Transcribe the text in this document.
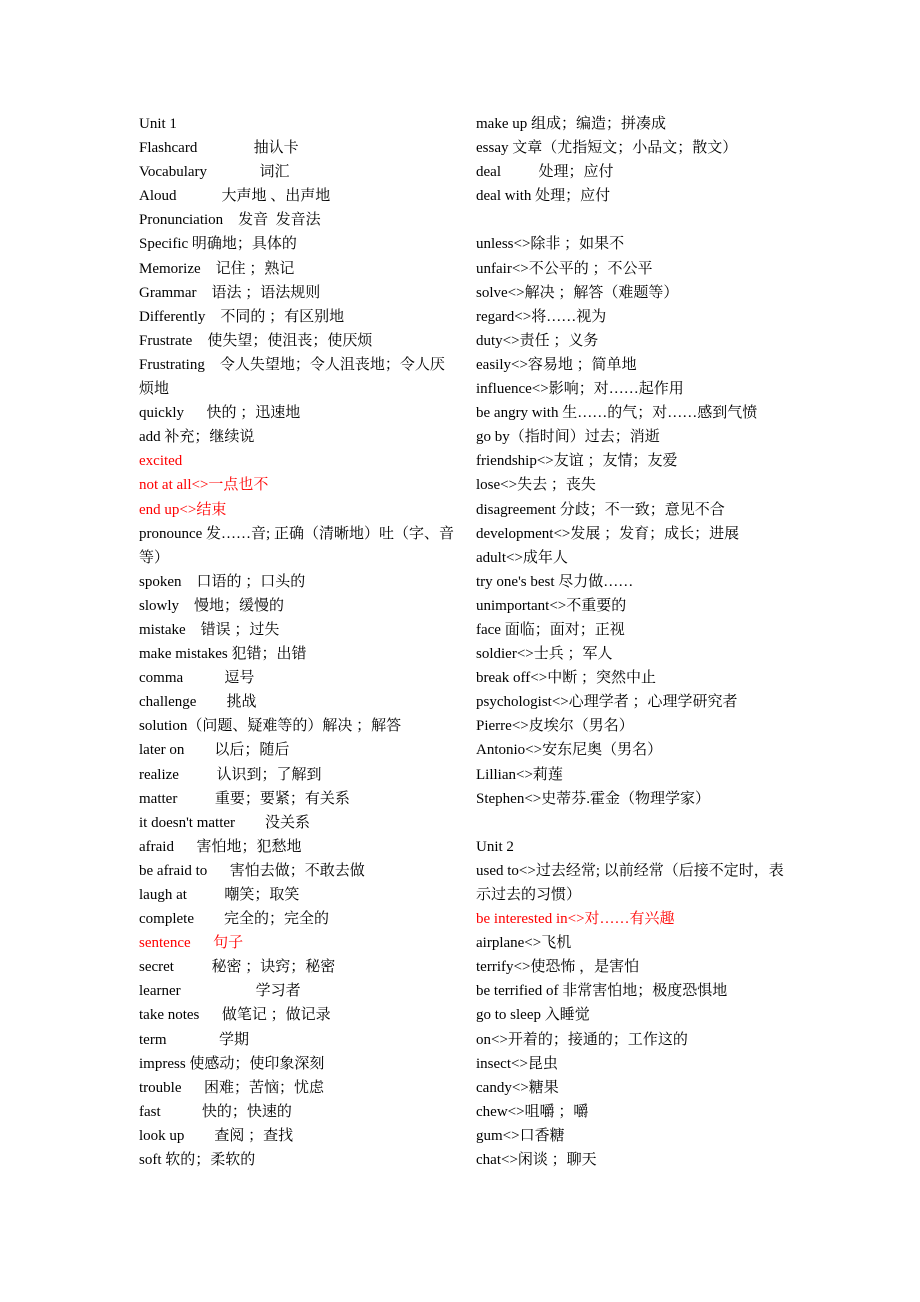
Unit 1
Flashcard               抽认卡
Vocabulary              词汇
Aloud            大声地 、出声地
Pronunciation    发音  发音法
Specific 明确地；具体的
Memorize    记住 ；熟记
Grammar    语法 ；语法规则
Differently    不同的 ；有区别地
Frustrate    使失望；使沮丧；使厌烦
Frustrating    令人失望地；令人沮丧地；令人厌烦地
quickly      快的 ；迅速地
add 补充；继续说
excited
not at all<>一点也不
end up<>结束
pronounce 发……音; 正确（清晰地）吐（字、音等）
spoken    口语的 ；口头的
slowly    慢地；缓慢的
mistake    错误 ；过失
make mistakes 犯错；出错
comma           逗号
challenge        挑战
solution（问题、疑难等的）解决 ；解答
later on        以后；随后
realize          认识到；了解到
matter          重要；要紧；有关系
it doesn't matter        没关系
afraid      害怕地；犯愁地
be afraid to      害怕去做；不敢去做
laugh at          嘲笑；取笑
complete        完全的；完全的
sentence      句子
secret          秘密 ；诀窍；秘密
learner                    学习者
take notes      做笔记 ；做记录
term              学期
impress 使感动；使印象深刻
trouble      困难；苦恼；忧虑
fast           快的；快速的
look up        查阅 ；查找
soft 软的；柔软的
make up 组成；编造；拼凑成
essay 文章（尤指短文；小品文；散文）
deal          处理；应付
deal with 处理；应付
unless<>除非 ；如果不
unfair<>不公平的 ；不公平
solve<>解决 ；解答（难题等）
regard<>将……视为
duty<>责任 ；义务
easily<>容易地 ；简单地
influence<>影响；对……起作用
be angry with 生……的气；对……感到气愤
go by（指时间）过去；消逝
friendship<>友谊 ；友情；友爱
lose<>失去 ；丧失
disagreement 分歧；不一致；意见不合
development<>发展 ；发育；成长；进展
adult<>成年人
try one's best 尽力做……
unimportant<>不重要的
face 面临；面对；正视
soldier<>士兵 ；军人
break off<>中断 ；突然中止
psychologist<>心理学者 ；心理学研究者
Pierre<>皮埃尔（男名）
Antonio<>安东尼奥（男名）
Lillian<>莉莲
Stephen<>史蒂芬.霍金（物理学家）
Unit 2
used to<>过去经常; 以前经常（后接不定时，表示过去的习惯）
be interested in<>对……有兴趣
airplane<>飞机
terrify<>使恐怖 ，是害怕
be terrified of 非常害怕地；极度恐惧地
go to sleep 入睡觉
on<>开着的；接通的；工作这的
insect<>昆虫
candy<>糖果
chew<>咀嚼 ；嚼
gum<>口香糖
chat<>闲谈 ；聊天
